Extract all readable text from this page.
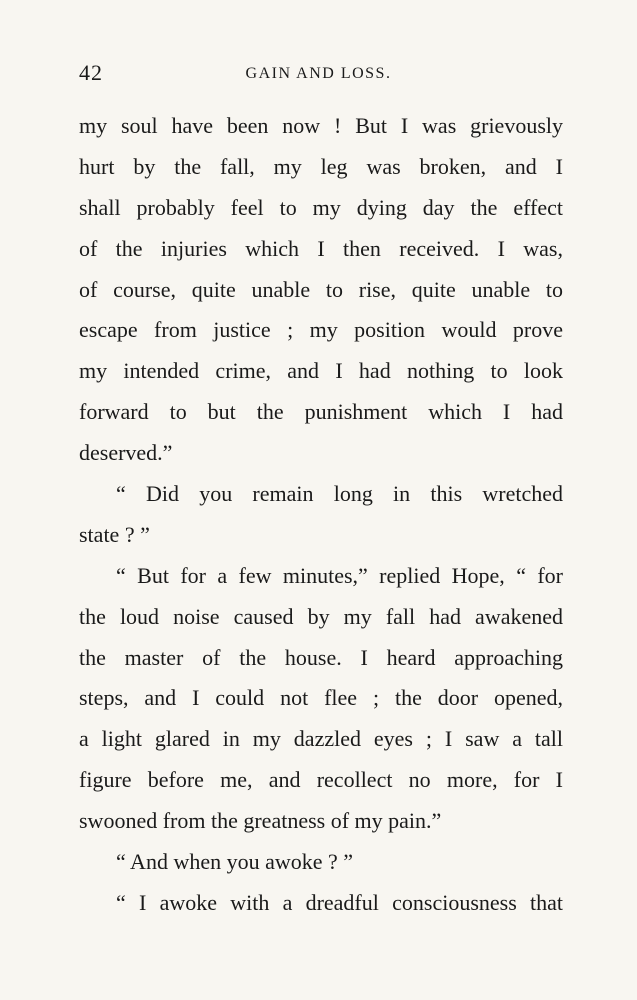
42	GAIN AND LOSS.
my soul have been now ! But I was grievously
hurt by the fall, my leg was broken, and I
shall probably feel to my dying day the effect
of the injuries which I then received. I was,
of course, quite unable to rise, quite unable to
escape from justice ; my position would prove
my intended crime, and I had nothing to look
forward to but the punishment which I had
deserved.”
“ Did you remain long in this wretched
state ? ”
“ But for a few minutes,” replied Hope, “ for
the loud noise caused by my fall had awakened
the master of the house. I heard approaching
steps, and I could not flee ; the door opened,
a light glared in my dazzled eyes ; I saw a tall
figure before me, and recollect no more, for I
swooned from the greatness of my pain.”
“ And when you awoke ? ”
“ I awoke with a dreadful consciousness that
